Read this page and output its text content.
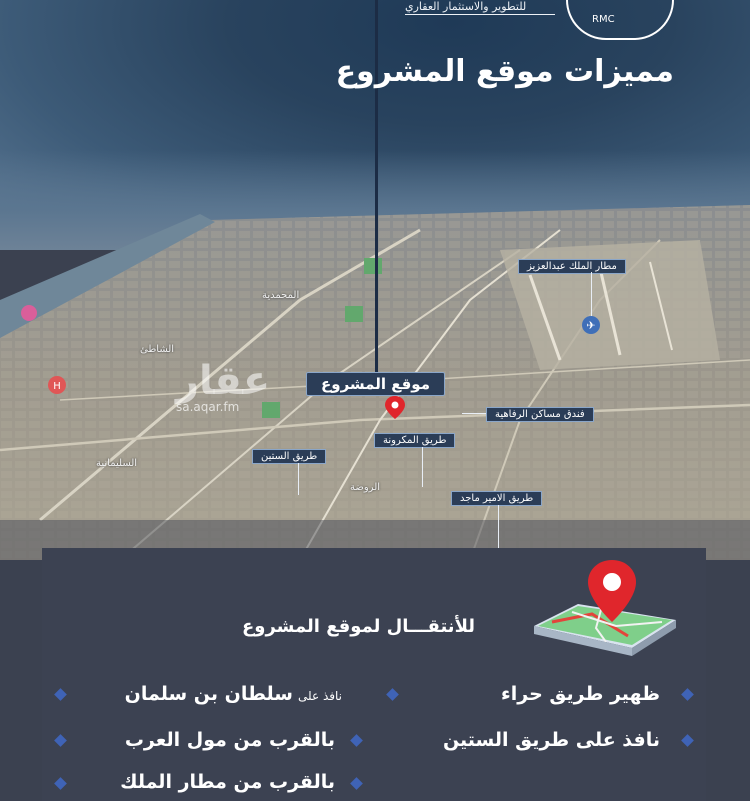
✈
H
RMC
للتطوير والاستثمار العقاري
مميزات موقع المشروع
عقار
sa.aqar.fm
المحمدية
الروضة
السليمانية
الشاطئ
موقع المشروع
مطار الملك عبدالعزيز
فندق مساكن الرفاهية
طريق المكرونة
طريق الستين
طريق الامير ماجد
للأنتقـــال لموقع المشروع
ظهير طريق حراء
نافذ على طريق الستين
نافذ على سلطان بن سلمان
بالقرب من مول العرب
بالقرب من مطار الملك
